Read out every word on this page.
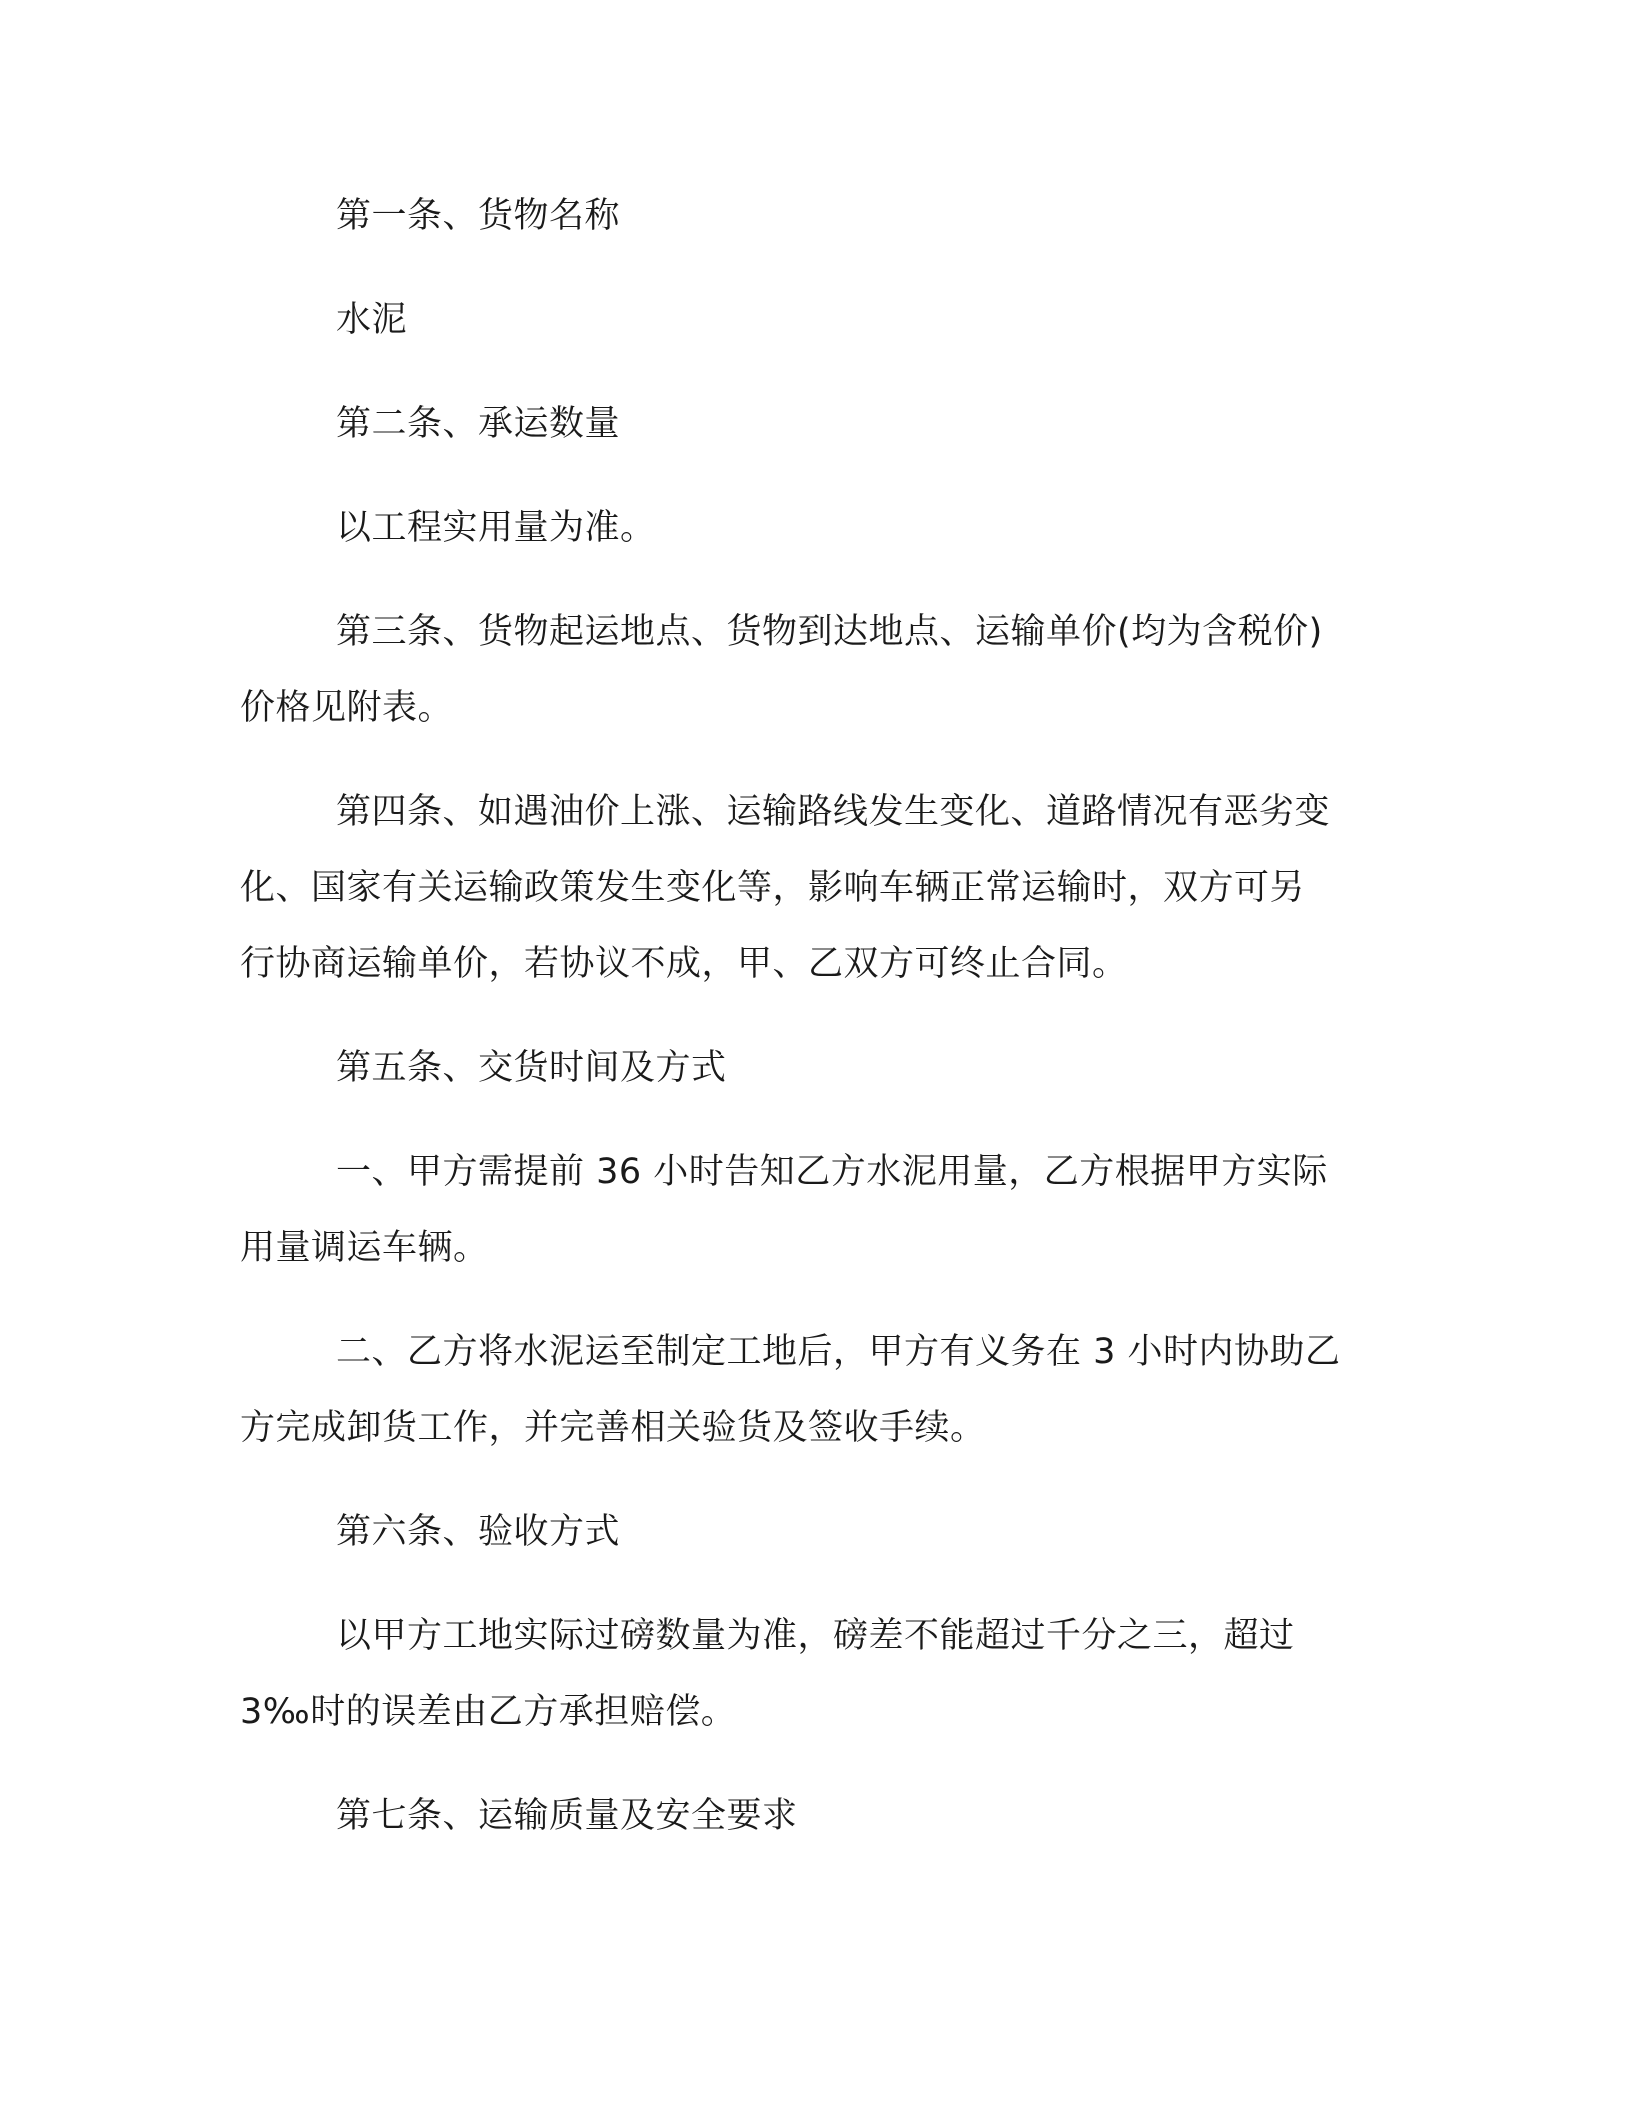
第一条、货物名称

水泥

第二条、承运数量

以工程实用量为准。

第三条、货物起运地点、货物到达地点、运输单价(均为含税价)
价格见附表。

第四条、如遇油价上涨、运输路线发生变化、道路情况有恶劣变
化、国家有关运输政策发生变化等，影响车辆正常运输时，双方可另
行协商运输单价，若协议不成，甲、乙双方可终止合同。

第五条、交货时间及方式

一、甲方需提前 36 小时告知乙方水泥用量，乙方根据甲方实际
用量调运车辆。

二、乙方将水泥运至制定工地后，甲方有义务在 3 小时内协助乙
方完成卸货工作，并完善相关验货及签收手续。

第六条、验收方式

以甲方工地实际过磅数量为准，磅差不能超过千分之三，超过
3‰时的误差由乙方承担赔偿。

第七条、运输质量及安全要求
